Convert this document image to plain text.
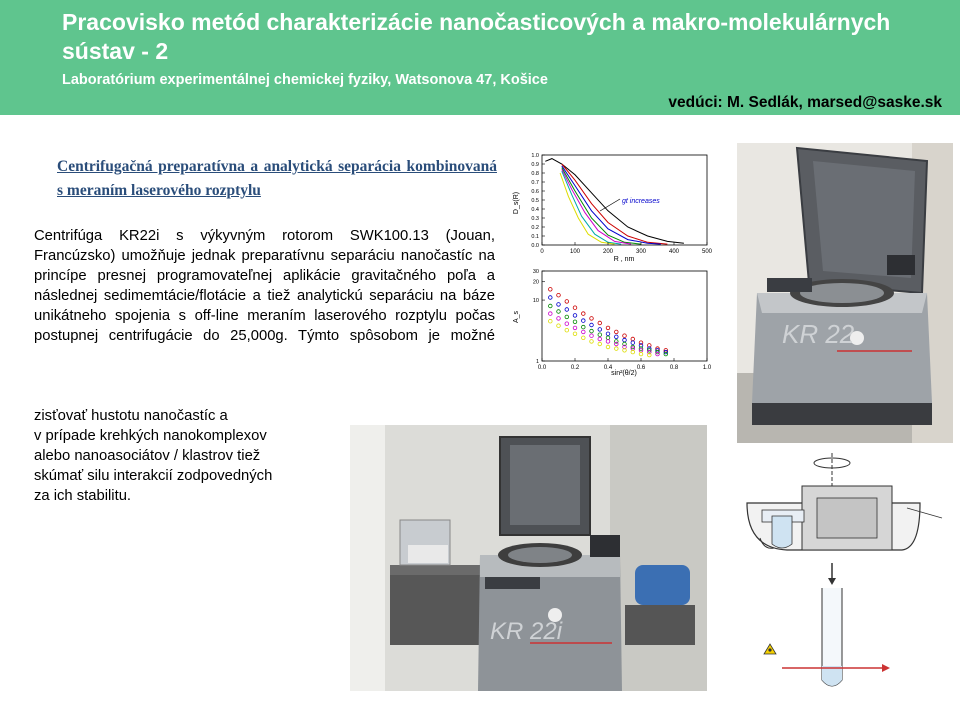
Pracovisko metód charakterizácie nanočasticových a makro-molekulárnych sústav - 2
Laboratórium experimentálnej chemickej fyziky, Watsonova 47, Košice
vedúci: M. Sedlák, marsed@saske.sk
Centrifugačná preparatívna a analytická separácia kombinovaná s meraním laserového rozptylu
Centrifúga KR22i s výkyvným rotorom SWK100.13 (Jouan, Francúzsko) umožňuje jednak preparatívnu separáciu nanočastíc na princípe presnej programovateľnej aplikácie gravitačného poľa a následnej sedimemtácie/flotácie a tiež analytickú separáciu na báze unikátneho spojenia s off-line meraním laserového rozptylu počas postupnej centrifugácie do 25,000g. Týmto spôsobom je možné
zisťovať hustotu nanočastíc a
v prípade krehkých nanokomplexov
alebo nanoasociátov / klastrov tiež
skúmať silu interakcií zodpovedných
za ich stabilitu.
0	100	200	300	400	500
0.0
0.1
0.2
0.3
0.4
0.5
0.6
0.7
0.8
0.9
1.0
R , nm
D_s(R)	gt increases
0.0	0.2	0.4	0.6	0.8	1.0
1
10
20
30
sin²(θ/2)
A_s
KR 22
KR 22i
